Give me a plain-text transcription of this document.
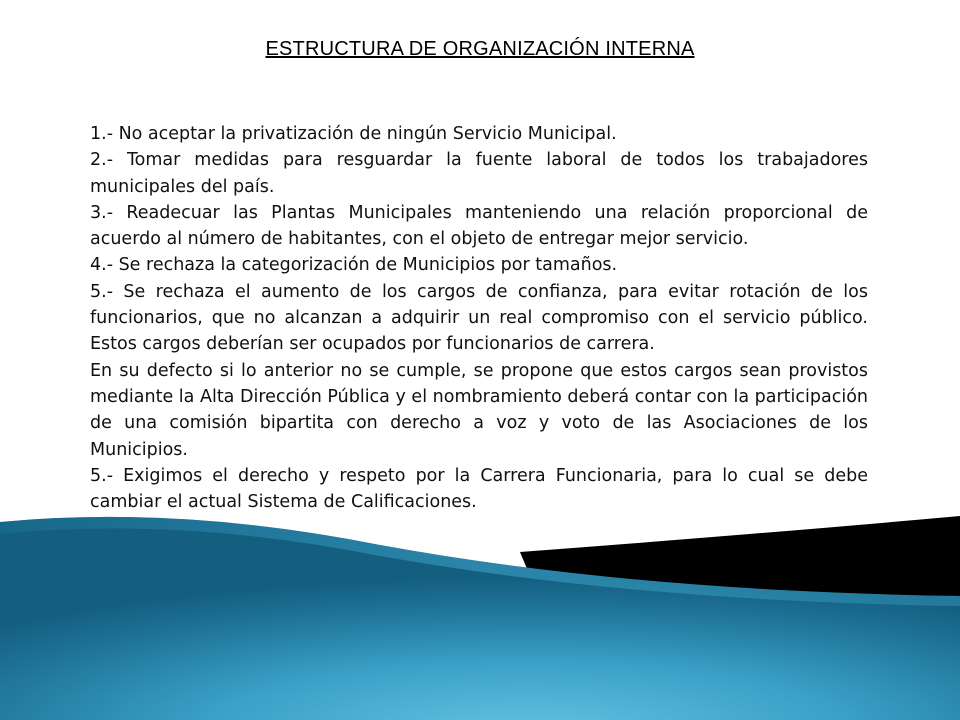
ESTRUCTURA DE ORGANIZACIÓN INTERNA

1.- No aceptar la privatización de ningún Servicio Municipal.

2.- Tomar medidas para resguardar la fuente laboral de todos los trabajadores municipales del país.

3.- Readecuar las Plantas Municipales manteniendo una relación proporcional de acuerdo al número de habitantes, con el objeto de entregar mejor servicio.

4.- Se rechaza la categorización de Municipios por tamaños.

5.- Se rechaza el aumento de los cargos de confianza, para evitar rotación de los funcionarios, que no alcanzan a adquirir un real compromiso con el servicio público. Estos cargos deberían ser ocupados por funcionarios de carrera.

En su defecto si lo anterior no se cumple, se propone que estos cargos sean provistos mediante la Alta Dirección Pública y el nombramiento deberá contar con la participación de una comisión bipartita con derecho a voz y voto de las Asociaciones de los Municipios.

5.- Exigimos el derecho y respeto por la Carrera Funcionaria, para lo cual se debe cambiar el actual Sistema de Calificaciones.
